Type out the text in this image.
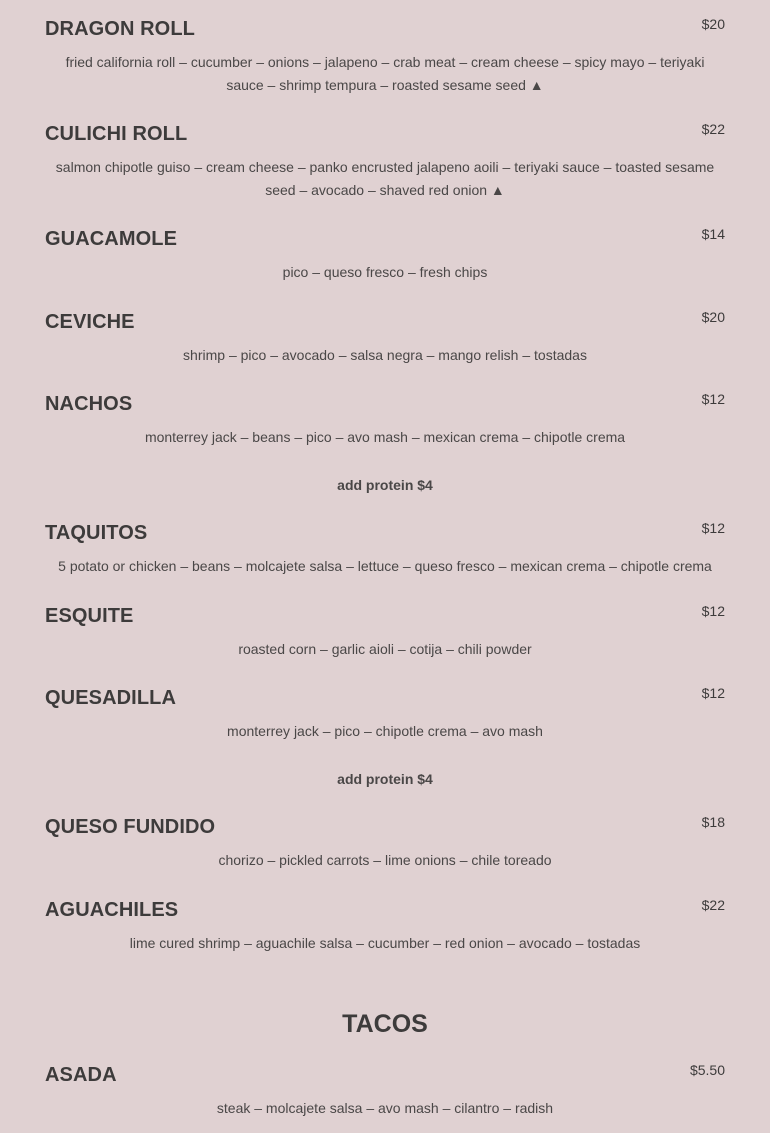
DRAGON ROLL	$20
fried california roll – cucumber – onions – jalapeno – crab meat – cream cheese – spicy mayo – teriyaki sauce – shrimp tempura – roasted sesame seed ▲
CULICHI ROLL	$22
salmon chipotle guiso – cream cheese – panko encrusted jalapeno aoili – teriyaki sauce – toasted sesame seed – avocado – shaved red onion ▲
GUACAMOLE	$14
pico – queso fresco – fresh chips
CEVICHE	$20
shrimp – pico – avocado – salsa negra – mango relish – tostadas
NACHOS	$12
monterrey jack – beans – pico – avo mash – mexican crema – chipotle crema
add protein $4
TAQUITOS	$12
5 potato or chicken – beans – molcajete salsa – lettuce – queso fresco – mexican crema – chipotle crema
ESQUITE	$12
roasted corn – garlic aioli – cotija – chili powder
QUESADILLA	$12
monterrey jack – pico – chipotle crema – avo mash
add protein $4
QUESO FUNDIDO	$18
chorizo – pickled carrots – lime onions – chile toreado
AGUACHILES	$22
lime cured shrimp – aguachile salsa – cucumber – red onion – avocado – tostadas
TACOS
ASADA	$5.50
steak – molcajete salsa – avo mash – cilantro – radish
